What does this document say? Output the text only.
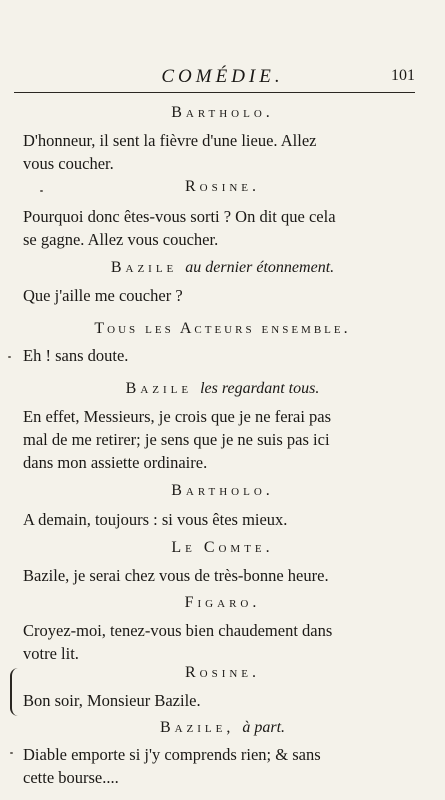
COMÉDIE.	101
Bartholo.
D'honneur, il sent la fièvre d'une lieue. Allez
vous coucher.
Rosine.
Pourquoi donc êtes-vous sorti ? On dit que cela
se gagne. Allez vous coucher.
Bazile au dernier étonnement.
Que j'aille me coucher ?
Tous les Acteurs ensemble.
Eh ! sans doute.
Bazile les regardant tous.
En effet, Messieurs, je crois que je ne ferai pas
mal de me retirer; je sens que je ne suis pas ici
dans mon assiette ordinaire.
Bartholo.
A demain, toujours : si vous êtes mieux.
Le Comte.
Bazile, je serai chez vous de très-bonne heure.
Figaro.
Croyez-moi, tenez-vous bien chaudement dans
votre lit.
Rosine.
Bon soir, Monsieur Bazile.
Bazile, à part.
Diable emporte si j'y comprends rien; & sans
cette bourse....
